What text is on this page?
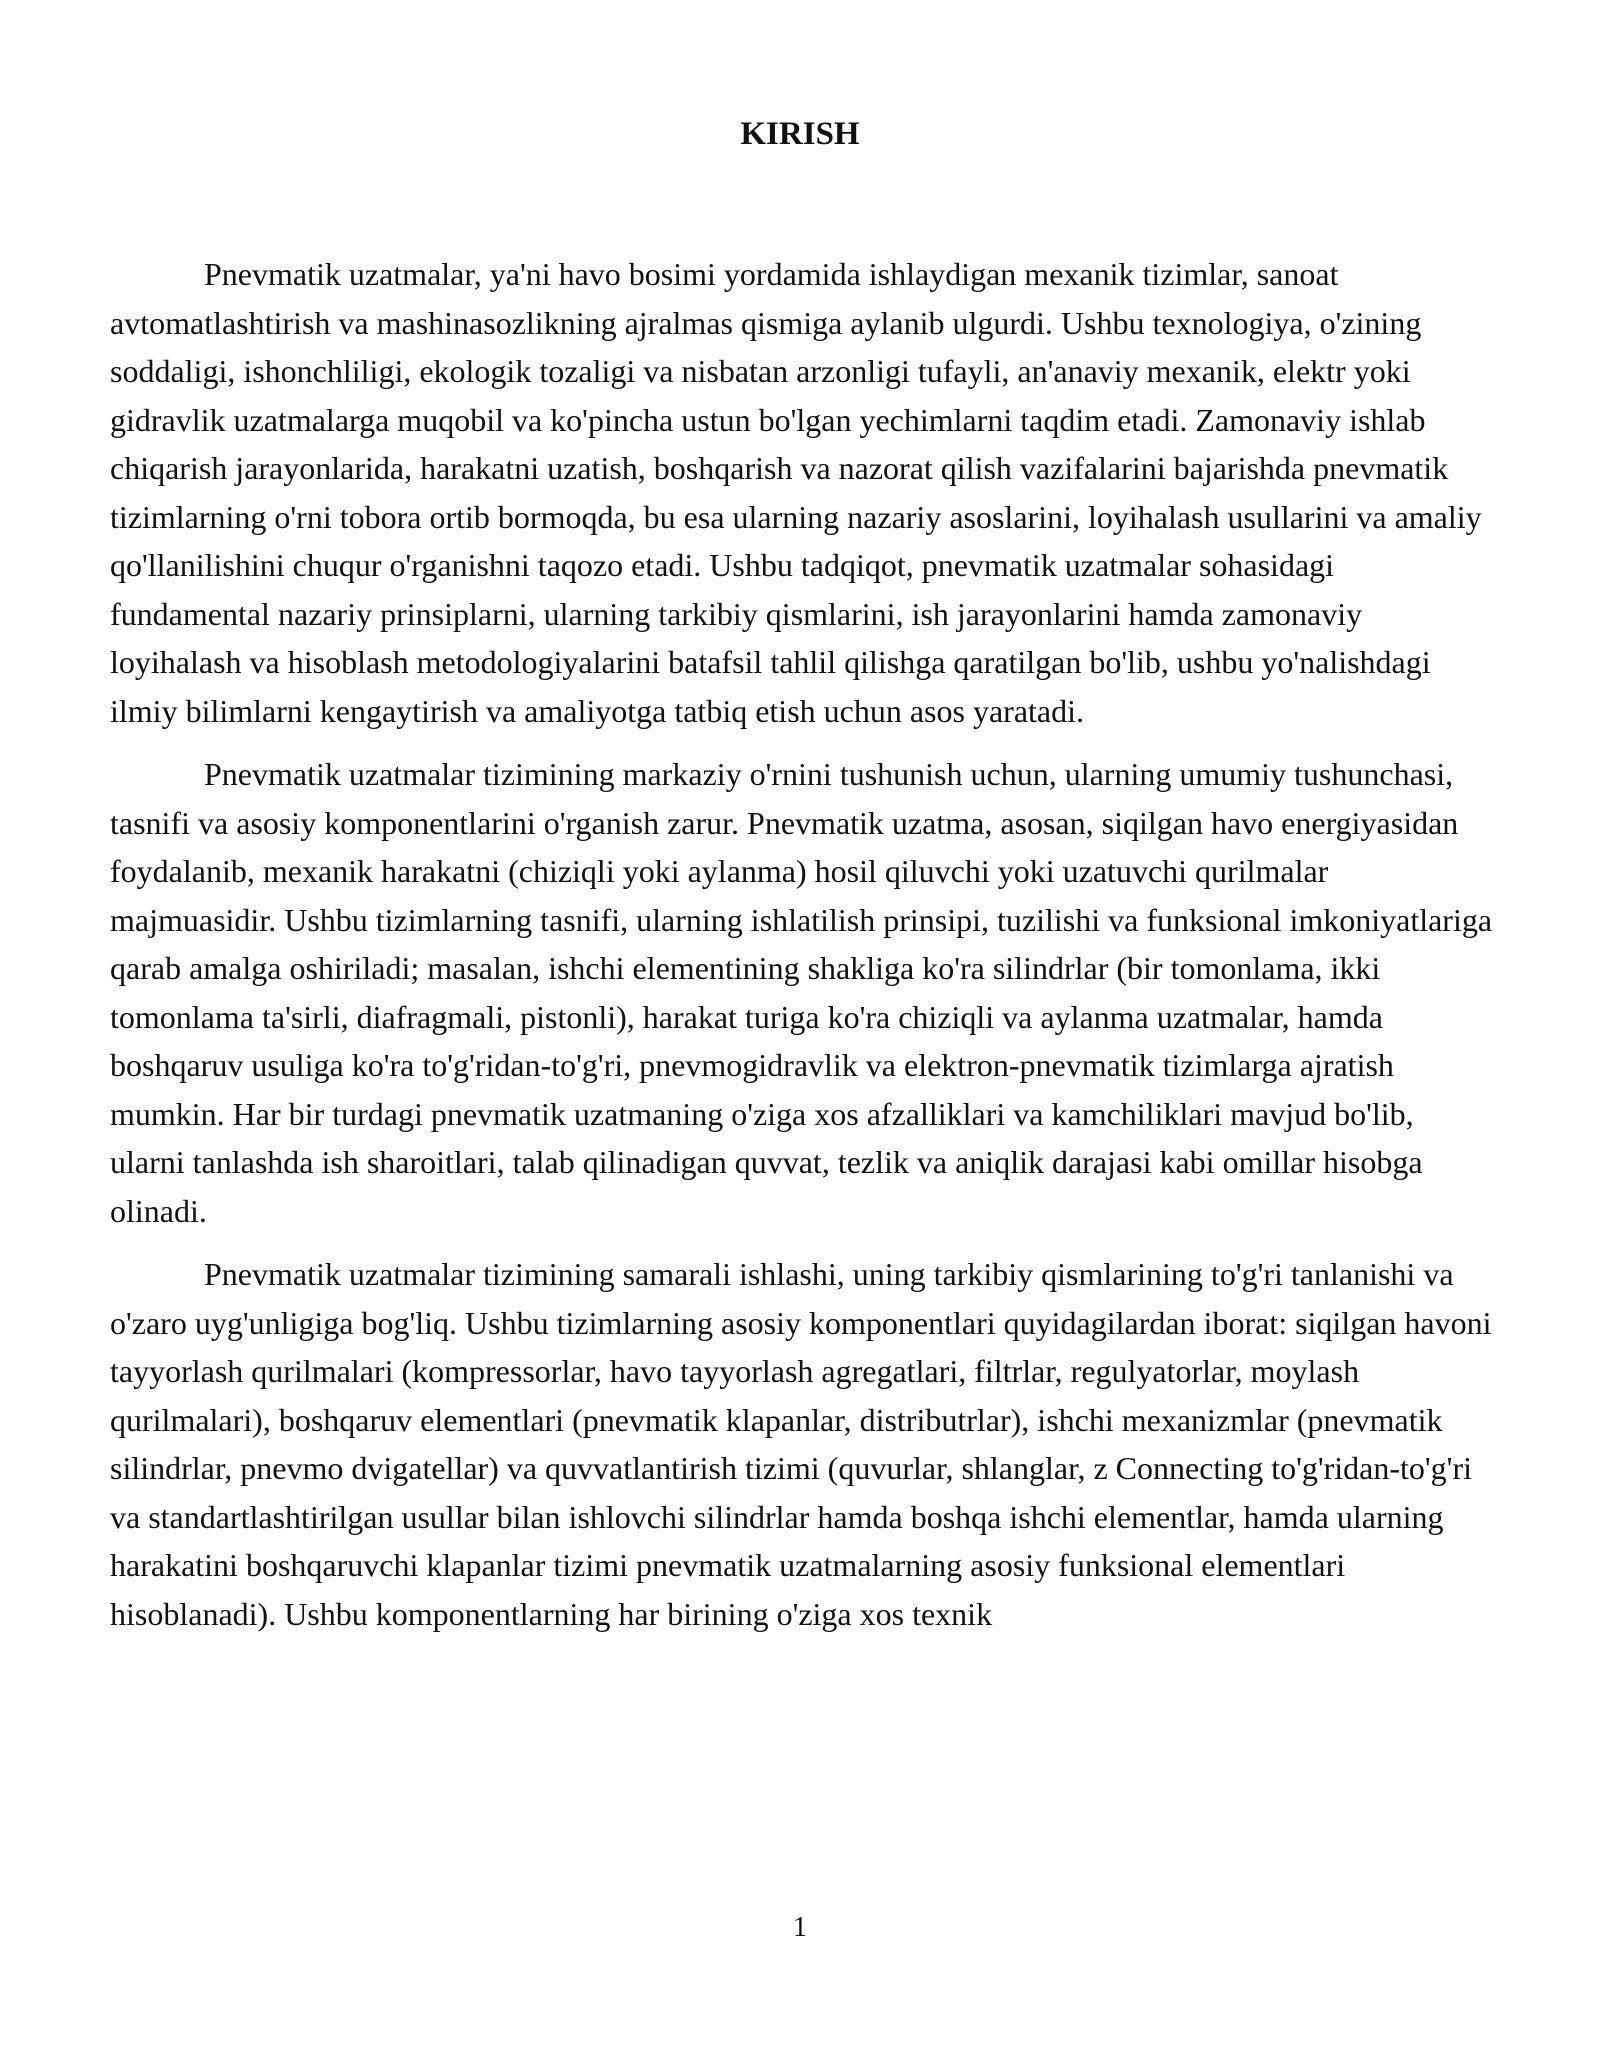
KIRISH

Pnevmatik uzatmalar, ya'ni havo bosimi yordamida ishlaydigan mexanik tizimlar, sanoat avtomatlashtirish va mashinasozlikning ajralmas qismiga aylanib ulgurdi. Ushbu texnologiya, o'zining soddaligi, ishonchliligi, ekologik tozaligi va nisbatan arzonligi tufayli, an'anaviy mexanik, elektr yoki gidravlik uzatmalarga muqobil va ko'pincha ustun bo'lgan yechimlarni taqdim etadi. Zamonaviy ishlab chiqarish jarayonlarida, harakatni uzatish, boshqarish va nazorat qilish vazifalarini bajarishda pnevmatik tizimlarning o'rni tobora ortib bormoqda, bu esa ularning nazariy asoslarini, loyihalash usullarini va amaliy qo'llanilishini chuqur o'rganishni taqozo etadi. Ushbu tadqiqot, pnevmatik uzatmalar sohasidagi fundamental nazariy prinsiplarni, ularning tarkibiy qismlarini, ish jarayonlarini hamda zamonaviy loyihalash va hisoblash metodologiyalarini batafsil tahlil qilishga qaratilgan bo'lib, ushbu yo'nalishdagi ilmiy bilimlarni kengaytirish va amaliyotga tatbiq etish uchun asos yaratadi.

Pnevmatik uzatmalar tizimining markaziy o'rnini tushunish uchun, ularning umumiy tushunchasi, tasnifi va asosiy komponentlarini o'rganish zarur. Pnevmatik uzatma, asosan, siqilgan havo energiyasidan foydalanib, mexanik harakatni (chiziqli yoki aylanma) hosil qiluvchi yoki uzatuvchi qurilmalar majmuasidir. Ushbu tizimlarning tasnifi, ularning ishlatilish prinsipi, tuzilishi va funksional imkoniyatlariga qarab amalga oshiriladi; masalan, ishchi elementining shakliga ko'ra silindrlar (bir tomonlama, ikki tomonlama ta'sirli, diafragmali, pistonli), harakat turiga ko'ra chiziqli va aylanma uzatmalar, hamda boshqaruv usuliga ko'ra to'g'ridan-to'g'ri, pnevmogidravlik va elektron-pnevmatik tizimlarga ajratish mumkin. Har bir turdagi pnevmatik uzatmaning o'ziga xos afzalliklari va kamchiliklari mavjud bo'lib, ularni tanlashda ish sharoitlari, talab qilinadigan quvvat, tezlik va aniqlik darajasi kabi omillar hisobga olinadi.

Pnevmatik uzatmalar tizimining samarali ishlashi, uning tarkibiy qismlarining to'g'ri tanlanishi va o'zaro uyg'unligiga bog'liq. Ushbu tizimlarning asosiy komponentlari quyidagilardan iborat: siqilgan havoni tayyorlash qurilmalari (kompressorlar, havo tayyorlash agregatlari, filtrlar, regulyatorlar, moylash qurilmalari), boshqaruv elementlari (pnevmatik klapanlar, distributrlar), ishchi mexanizmlar (pnevmatik silindrlar, pnevmo dvigatellar) va quvvatlantirish tizimi (quvurlar, shlanglar, z Connecting to'g'ridan-to'g'ri va standartlashtirilgan usullar bilan ishlovchi silindrlar hamda boshqa ishchi elementlar, hamda ularning harakatini boshqaruvchi klapanlar tizimi pnevmatik uzatmalarning asosiy funksional elementlari hisoblanadi). Ushbu komponentlarning har birining o'ziga xos texnik

1
